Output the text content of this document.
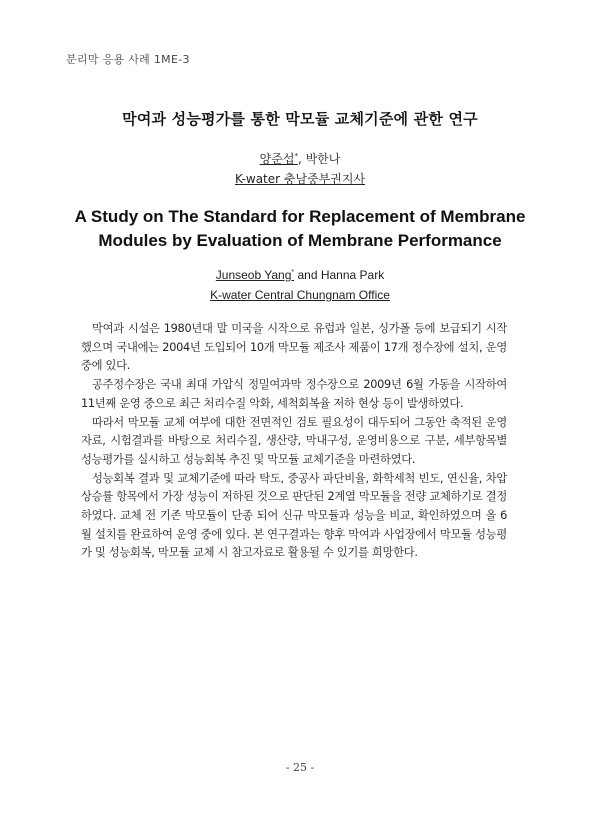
분리막 응용 사례 1ME-3
막여과 성능평가를 통한 막모듈 교체기준에 관한 연구
양준섭*, 박한나
K-water 충남중부권지사
A Study on The Standard for Replacement of Membrane
Modules by Evaluation of Membrane Performance
Junseob Yang* and Hanna Park
K-water Central Chungnam Office

막여과 시설은 1980년대 말 미국을 시작으로 유럽과 일본, 싱가폴 등에 보급되기 시작했으며 국내에는 2004년 도입되어 10개 막모듈 제조사 제품이 17개 정수장에 설치, 운영 중에 있다.

공주정수장은 국내 최대 가압식 정밀여과막 정수장으로 2009년 6월 가동을 시작하여 11년째 운영 중으로 최근 처리수질 악화, 세척회복율 저하 현상 등이 발생하였다.

따라서 막모듈 교체 여부에 대한 전면적인 검토 필요성이 대두되어 그동안 축적된 운영자료, 시험결과를 바탕으로 처리수질, 생산량, 막내구성, 운영비용으로 구분, 세부항목별 성능평가를 실시하고 성능회복 추진 및 막모듈 교체기준을 마련하였다.

성능회복 결과 및 교체기준에 따라 탁도, 중공사 파단비율, 화학세척 빈도, 연신율, 차압상승률 항목에서 가장 성능이 저하된 것으로 판단된 2계열 막모듈을 전량 교체하기로 결정하였다. 교체 전 기존 막모듈이 단종 되어 신규 막모듈과 성능을 비교, 확인하였으며 올 6월 설치를 완료하여 운영 중에 있다. 본 연구결과는 향후 막여과 사업장에서 막모듈 성능평가 및 성능회복, 막모듈 교체 시 참고자료로 활용될 수 있기를 희망한다.

- 25 -
